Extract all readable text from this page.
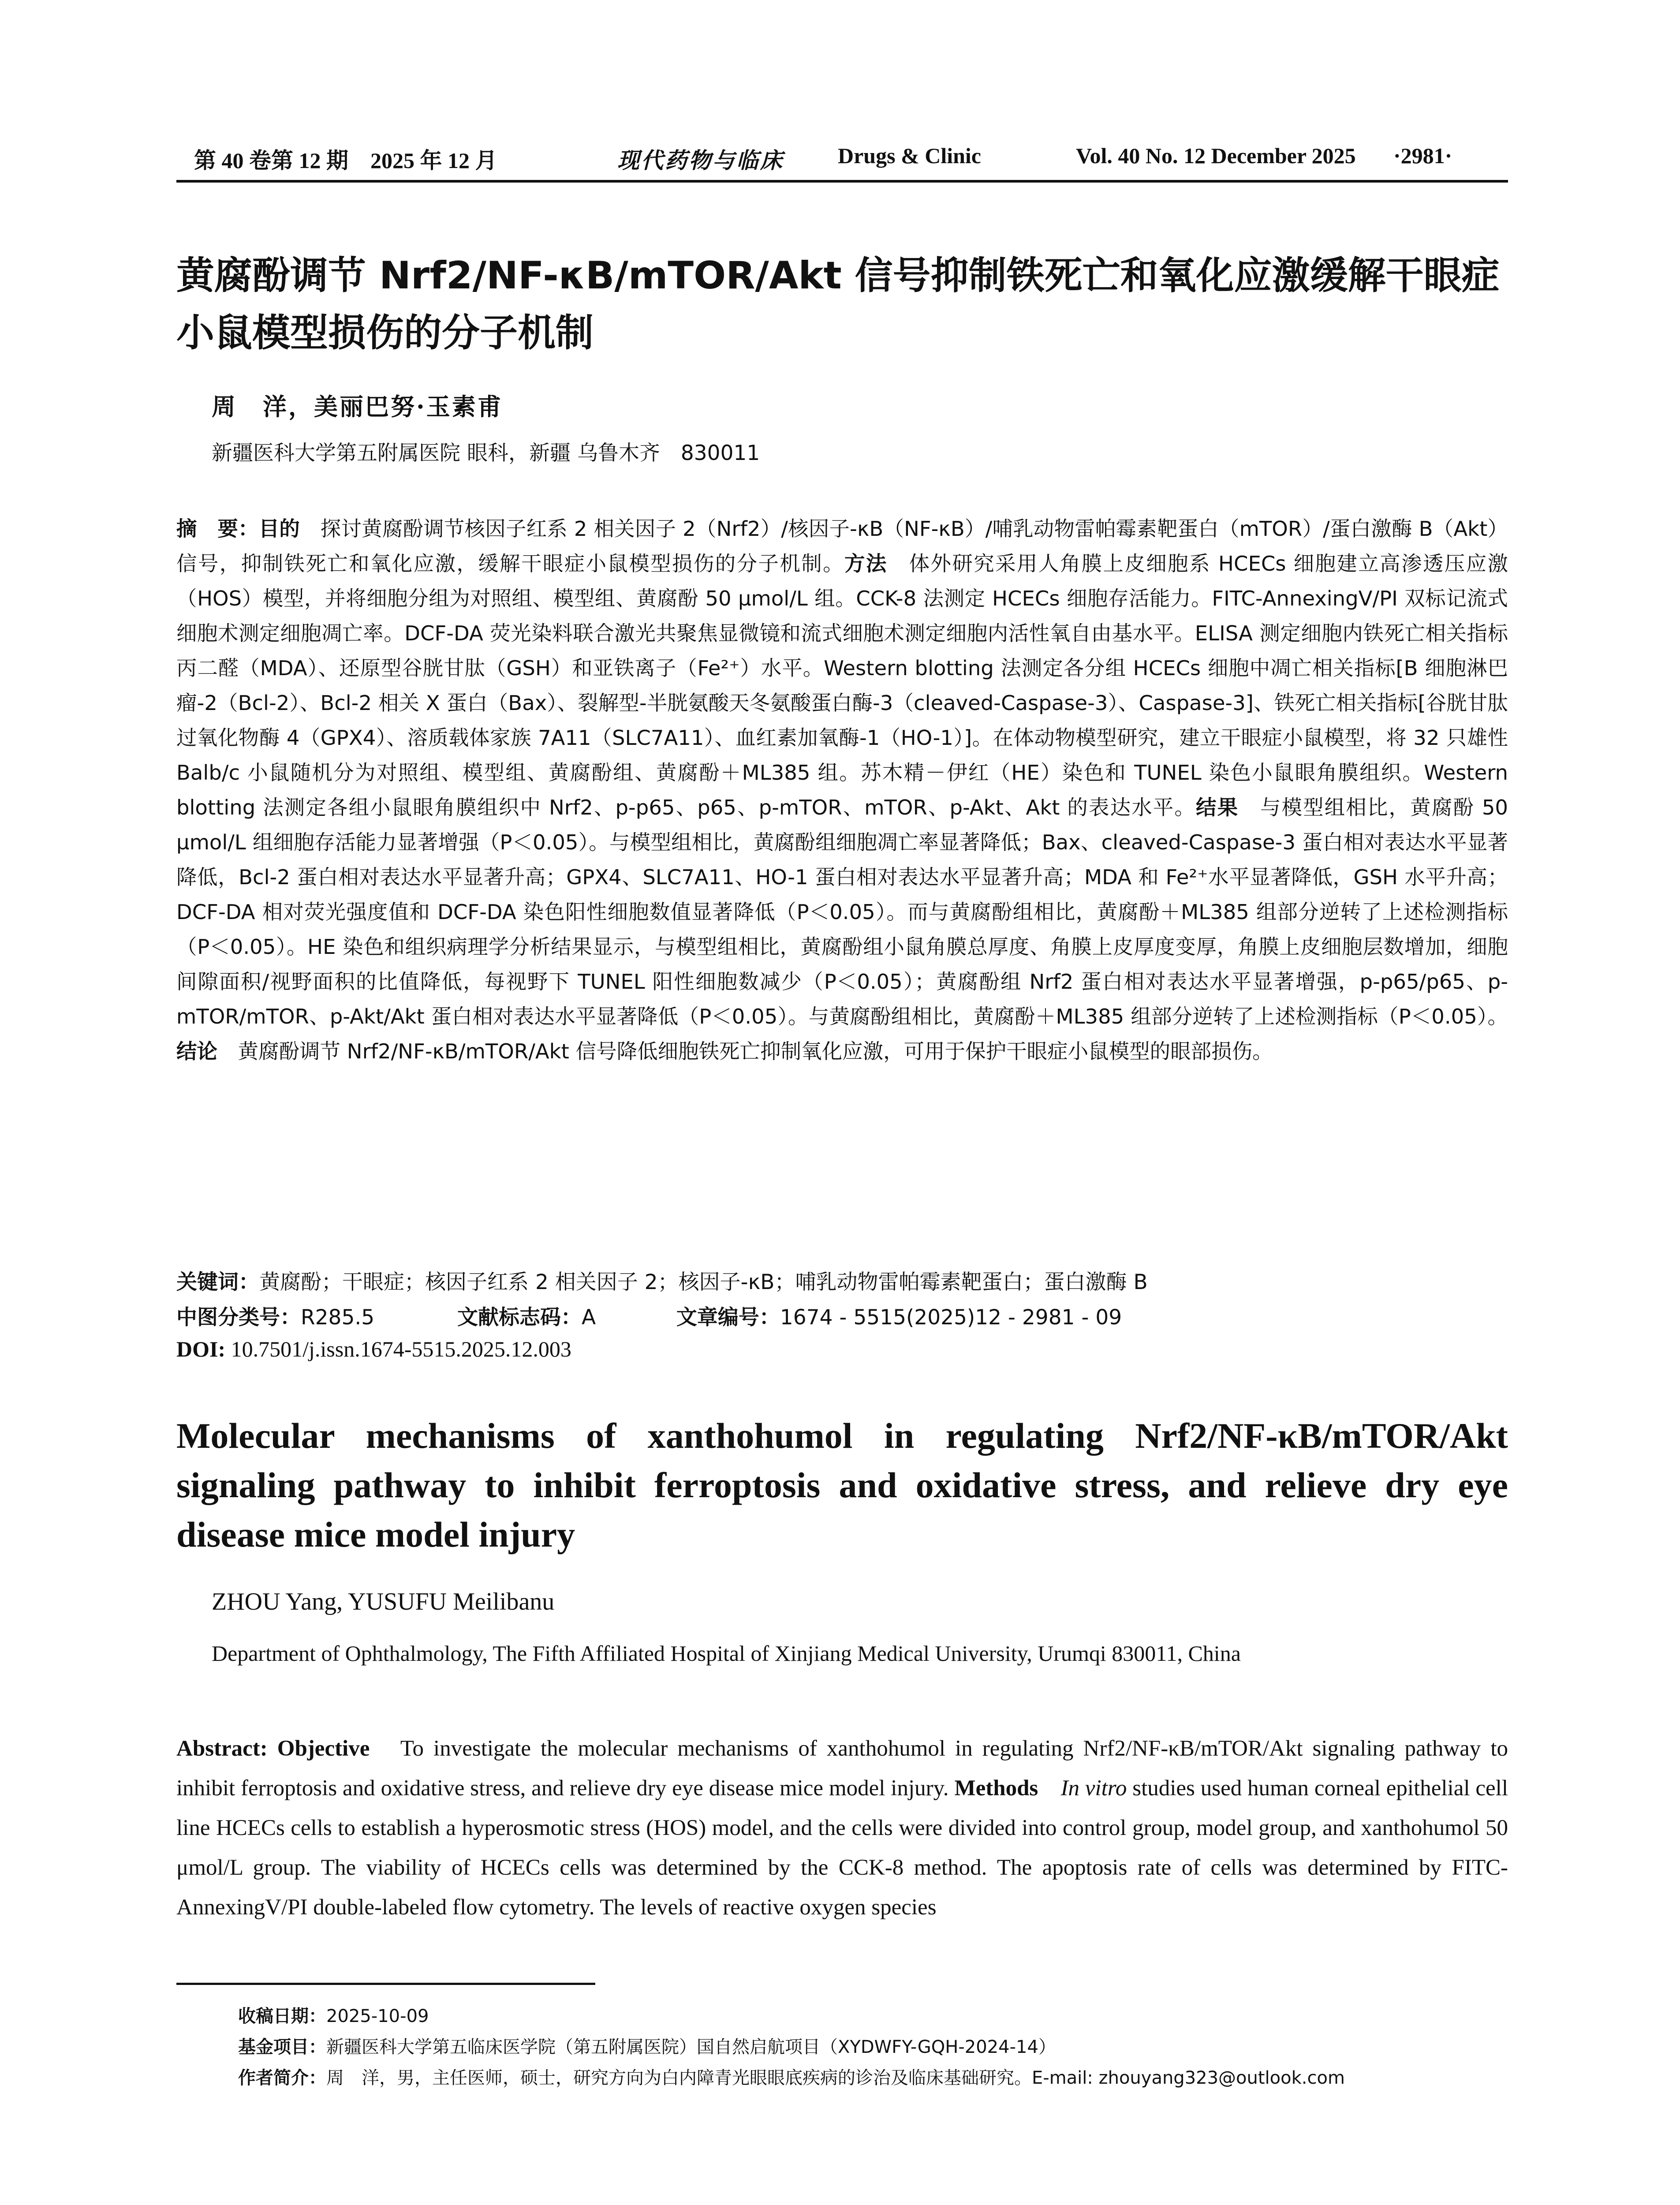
第 40 卷第 12 期　2025 年 12 月	现代药物与临床 Drugs & Clinic	Vol. 40 No. 12 December 2025 ·2981·
黄腐酚调节 Nrf2/NF-κB/mTOR/Akt 信号抑制铁死亡和氧化应激缓解干眼症小鼠模型损伤的分子机制
周　洋，美丽巴努·玉素甫
新疆医科大学第五附属医院 眼科，新疆 乌鲁木齐　830011
摘　要：目的　探讨黄腐酚调节核因子红系 2 相关因子 2（Nrf2）/核因子-κB（NF-κB）/哺乳动物雷帕霉素靶蛋白（mTOR）/蛋白激酶 B（Akt）信号，抑制铁死亡和氧化应激，缓解干眼症小鼠模型损伤的分子机制。方法　体外研究采用人角膜上皮细胞系 HCECs 细胞建立高渗透压应激（HOS）模型，并将细胞分组为对照组、模型组、黄腐酚 50 μmol/L 组。CCK-8 法测定 HCECs 细胞存活能力。FITC-AnnexingV/PI 双标记流式细胞术测定细胞凋亡率。DCF-DA 荧光染料联合激光共聚焦显微镜和流式细胞术测定细胞内活性氧自由基水平。ELISA 测定细胞内铁死亡相关指标丙二醛（MDA）、还原型谷胱甘肽（GSH）和亚铁离子（Fe²⁺）水平。Western blotting 法测定各分组 HCECs 细胞中凋亡相关指标[B 细胞淋巴瘤-2（Bcl-2）、Bcl-2 相关 X 蛋白（Bax）、裂解型-半胱氨酸天冬氨酸蛋白酶-3（cleaved-Caspase-3）、Caspase-3]、铁死亡相关指标[谷胱甘肽过氧化物酶 4（GPX4）、溶质载体家族 7A11（SLC7A11）、血红素加氧酶-1（HO-1）]。在体动物模型研究，建立干眼症小鼠模型，将 32 只雄性 Balb/c 小鼠随机分为对照组、模型组、黄腐酚组、黄腐酚＋ML385 组。苏木精－伊红（HE）染色和 TUNEL 染色小鼠眼角膜组织。Western blotting 法测定各组小鼠眼角膜组织中 Nrf2、p-p65、p65、p-mTOR、mTOR、p-Akt、Akt 的表达水平。结果　与模型组相比，黄腐酚 50 μmol/L 组细胞存活能力显著增强（P＜0.05）。与模型组相比，黄腐酚组细胞凋亡率显著降低；Bax、cleaved-Caspase-3 蛋白相对表达水平显著降低，Bcl-2 蛋白相对表达水平显著升高；GPX4、SLC7A11、HO-1 蛋白相对表达水平显著升高；MDA 和 Fe²⁺水平显著降低，GSH 水平升高；DCF-DA 相对荧光强度值和 DCF-DA 染色阳性细胞数值显著降低（P＜0.05）。而与黄腐酚组相比，黄腐酚＋ML385 组部分逆转了上述检测指标（P＜0.05）。HE 染色和组织病理学分析结果显示，与模型组相比，黄腐酚组小鼠角膜总厚度、角膜上皮厚度变厚，角膜上皮细胞层数增加，细胞间隙面积/视野面积的比值降低，每视野下 TUNEL 阳性细胞数减少（P＜0.05）；黄腐酚组 Nrf2 蛋白相对表达水平显著增强，p-p65/p65、p-mTOR/mTOR、p-Akt/Akt 蛋白相对表达水平显著降低（P＜0.05）。与黄腐酚组相比，黄腐酚＋ML385 组部分逆转了上述检测指标（P＜0.05）。结论　黄腐酚调节 Nrf2/NF-κB/mTOR/Akt 信号降低细胞铁死亡抑制氧化应激，可用于保护干眼症小鼠模型的眼部损伤。
关键词：黄腐酚；干眼症；核因子红系 2 相关因子 2；核因子-κB；哺乳动物雷帕霉素靶蛋白；蛋白激酶 B
中图分类号：R285.5	文献标志码：A	文章编号：1674 - 5515(2025)12 - 2981 - 09
DOI: 10.7501/j.issn.1674-5515.2025.12.003
Molecular mechanisms of xanthohumol in regulating Nrf2/NF-κB/mTOR/Akt signaling pathway to inhibit ferroptosis and oxidative stress, and relieve dry eye disease mice model injury
ZHOU Yang, YUSUFU Meilibanu
Department of Ophthalmology, The Fifth Affiliated Hospital of Xinjiang Medical University, Urumqi 830011, China
Abstract: Objective　To investigate the molecular mechanisms of xanthohumol in regulating Nrf2/NF-κB/mTOR/Akt signaling pathway to inhibit ferroptosis and oxidative stress, and relieve dry eye disease mice model injury. Methods　 In vitro studies used human corneal epithelial cell line HCECs cells to establish a hyperosmotic stress (HOS) model, and the cells were divided into control group, model group, and xanthohumol 50 μmol/L group. The viability of HCECs cells was determined by the CCK-8 method. The apoptosis rate of cells was determined by FITC-AnnexingV/PI double-labeled flow cytometry. The levels of reactive oxygen species
收稿日期：2025-10-09
基金项目：新疆医科大学第五临床医学院（第五附属医院）国自然启航项目（XYDWFY-GQH-2024-14）
作者简介：周　洋，男，主任医师，硕士，研究方向为白内障青光眼眼底疾病的诊治及临床基础研究。E-mail: zhouyang323@outlook.com
